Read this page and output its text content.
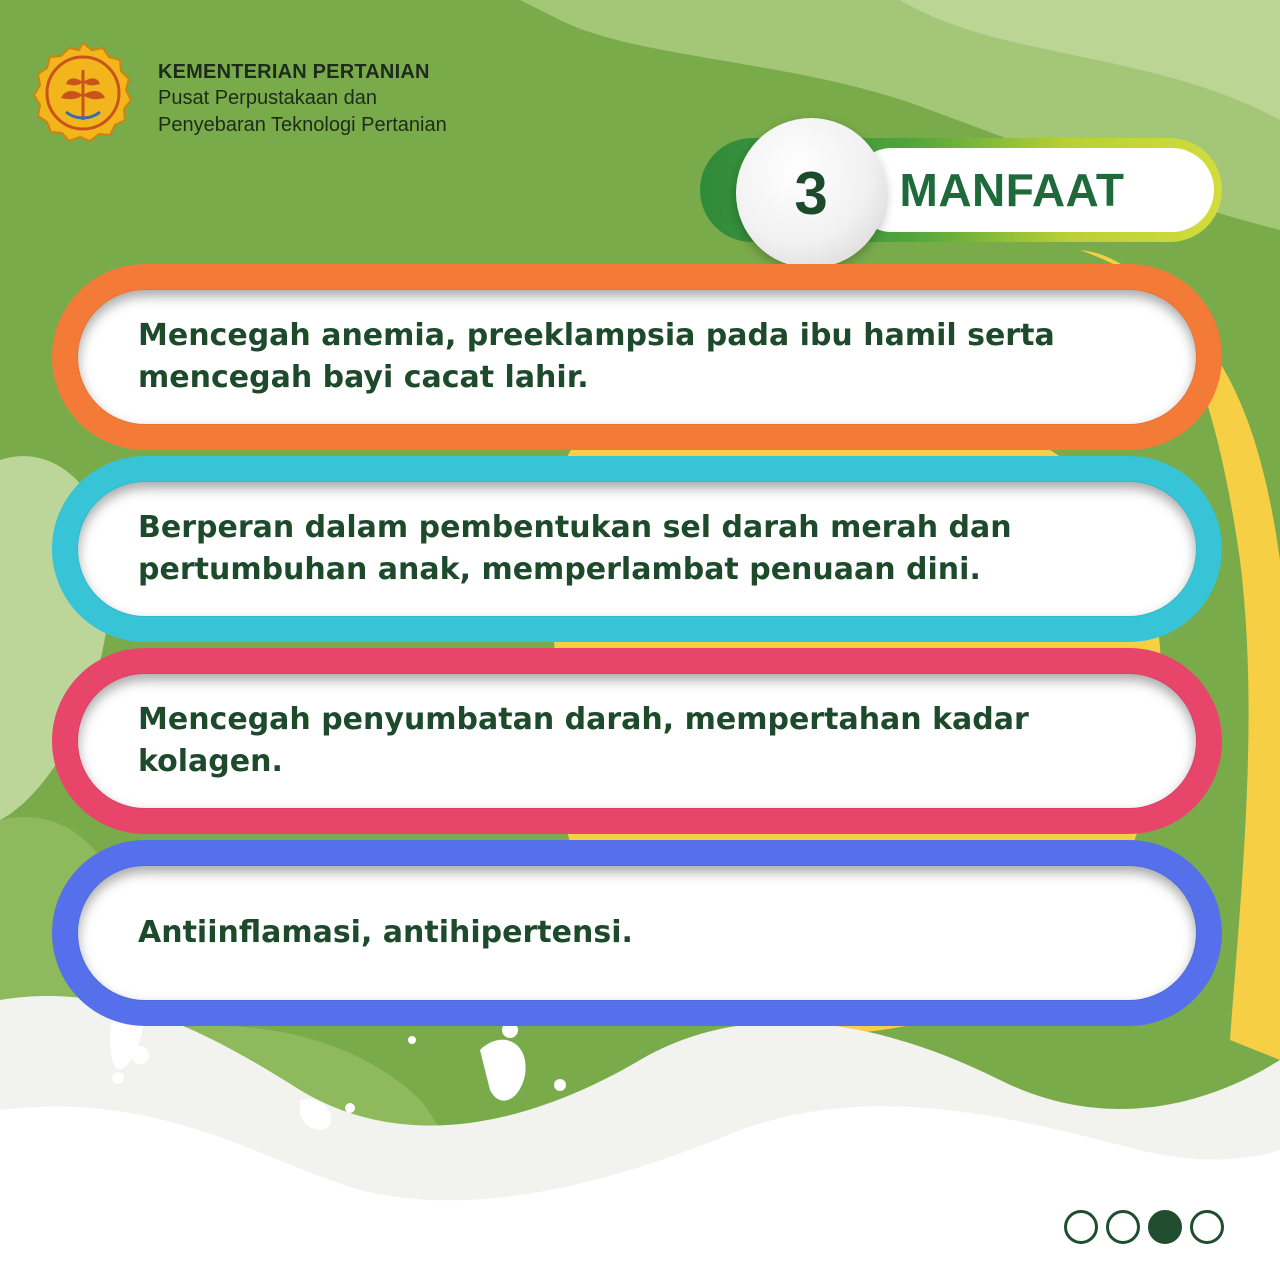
KEMENTERIAN PERTANIAN
Pusat Perpustakaan dan
Penyebaran Teknologi Pertanian
MANFAAT
3
Mencegah anemia, preeklampsia pada ibu hamil serta mencegah bayi cacat lahir.
Berperan dalam pembentukan sel darah merah dan pertumbuhan anak, memperlambat penuaan dini.
Mencegah penyumbatan darah, mempertahan kadar kolagen.
Antiinflamasi, antihipertensi.
